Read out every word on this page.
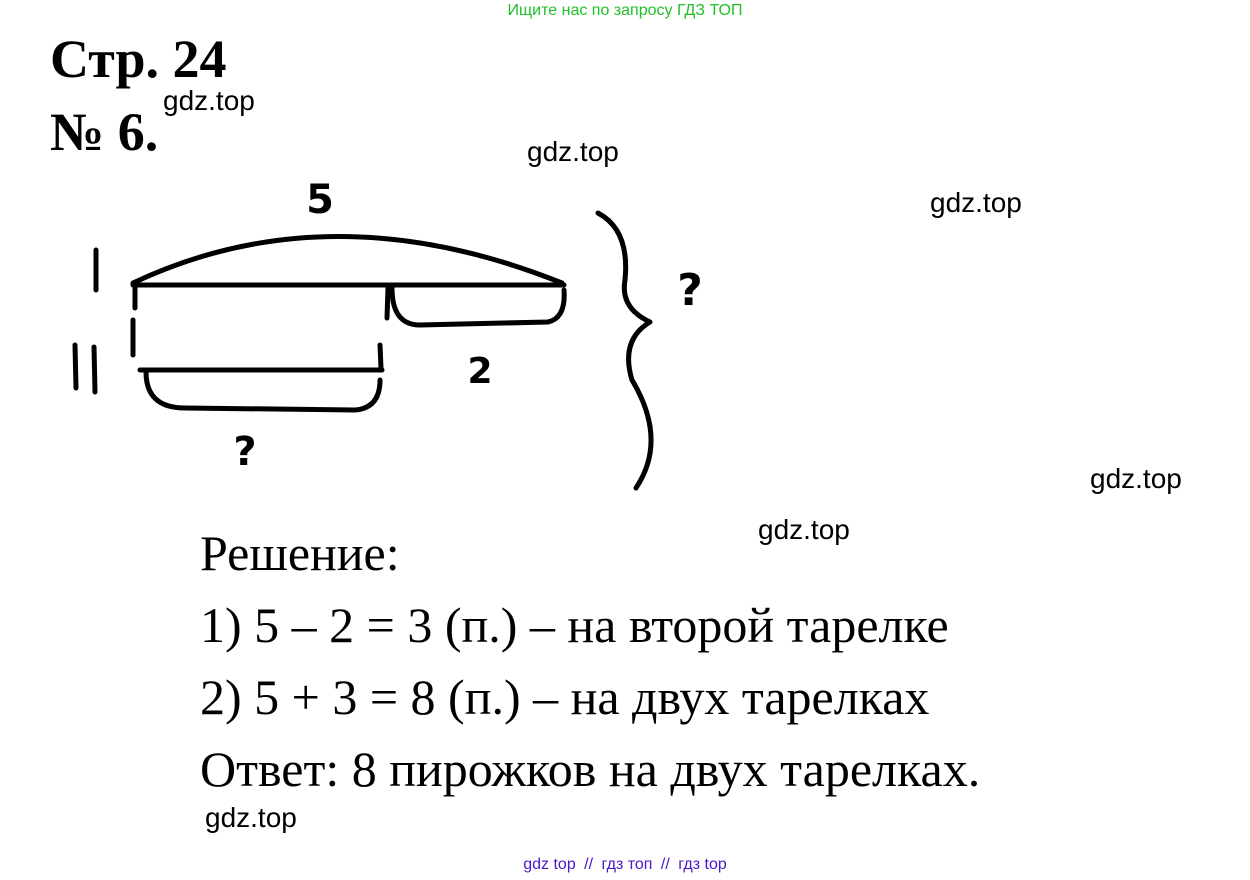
Ищите нас по запросу ГДЗ ТОП
Стр. 24
№ 6.
gdz.top
gdz.top
gdz.top
gdz.top
gdz.top
gdz.top
5
2
?
?
Решение:
1) 5 – 2 = 3 (п.) – на второй тарелке
2) 5 + 3 = 8 (п.) – на двух тарелках
Ответ: 8 пирожков на двух тарелках.
gdz top // гдз топ // гдз top
